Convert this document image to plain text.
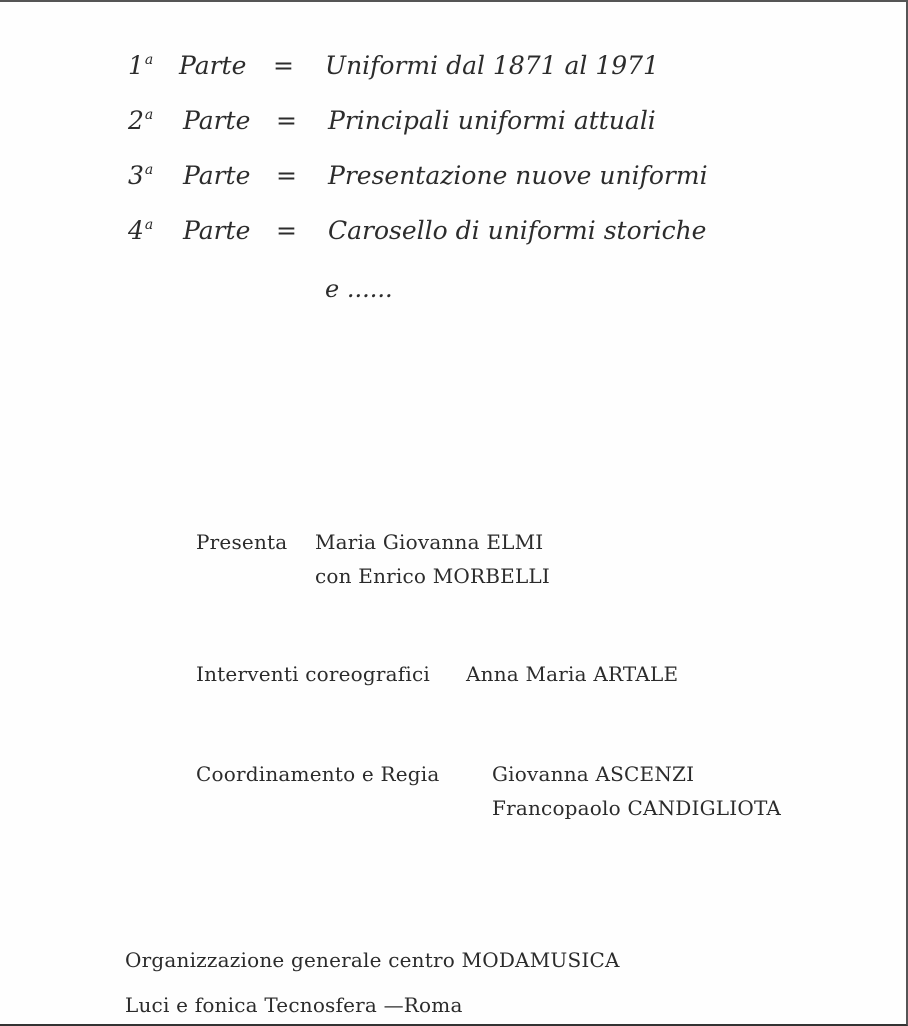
1$^a$ Parte = Uniformi dal 1871 al 1971
2$^a$ Parte = Principali uniformi attuali
3$^a$ Parte = Presentazione nuove uniformi
4$^a$ Parte = Carosello di uniformi storiche
e ......
Presenta Maria Giovanna ELMI
con Enrico MORBELLI
Interventi coreografici Anna Maria ARTALE
Coordinamento e Regia	Giovanna ASCENZI
Francopaolo CANDIGLIOTA
Organizzazione generale centro MODAMUSICA
Luci e fonica Tecnosfera —Roma
